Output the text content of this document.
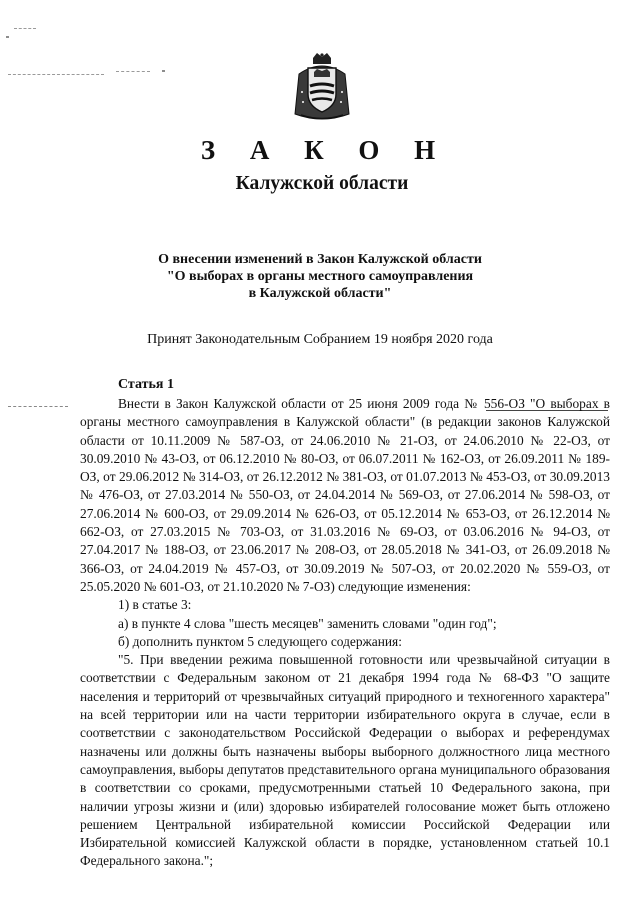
З А К О Н
Калужской области
О внесении изменений в Закон Калужской области
"О выборах в органы местного самоуправления
в Калужской области"
Принят Законодательным Собранием 19 ноября 2020 года
Статья 1

Внести в Закон Калужской области от 25 июня 2009 года № 556-ОЗ "О выборах в органы местного самоуправления в Калужской области" (в редакции законов Калужской области от 10.11.2009 № 587-ОЗ, от 24.06.2010 № 21-ОЗ, от 24.06.2010 № 22-ОЗ, от 30.09.2010 № 43-ОЗ, от 06.12.2010 № 80-ОЗ, от 06.07.2011 № 162-ОЗ, от 26.09.2011 № 189-ОЗ, от 29.06.2012 № 314-ОЗ, от 26.12.2012 № 381-ОЗ, от 01.07.2013 № 453-ОЗ, от 30.09.2013 № 476-ОЗ, от 27.03.2014 № 550-ОЗ, от 24.04.2014 № 569-ОЗ, от 27.06.2014 № 598-ОЗ, от 27.06.2014 № 600-ОЗ, от 29.09.2014 № 626-ОЗ, от 05.12.2014 № 653-ОЗ, от 26.12.2014 № 662-ОЗ, от 27.03.2015 № 703-ОЗ, от 31.03.2016 № 69-ОЗ, от 03.06.2016 № 94-ОЗ, от 27.04.2017 № 188-ОЗ, от 23.06.2017 № 208-ОЗ, от 28.05.2018 № 341-ОЗ, от 26.09.2018 № 366-ОЗ, от 24.04.2019 № 457-ОЗ, от 30.09.2019 № 507-ОЗ, от 20.02.2020 № 559-ОЗ, от 25.05.2020 № 601-ОЗ, от 21.10.2020 № 7-ОЗ) следующие изменения:

1) в статье 3:

а) в пункте 4 слова "шесть месяцев" заменить словами "один год";

б) дополнить пунктом 5 следующего содержания:

"5. При введении режима повышенной готовности или чрезвычайной ситуации в соответствии с Федеральным законом от 21 декабря 1994 года № 68-ФЗ "О защите населения и территорий от чрезвычайных ситуаций природного и техногенного характера" на всей территории или на части территории избирательного округа в случае, если в соответствии с законодательством Российской Федерации о выборах и референдумах назначены или должны быть назначены выборы выборного должностного лица местного самоуправления, выборы депутатов представительного органа муниципального образования в соответствии со сроками, предусмотренными статьей 10 Федерального закона, при наличии угрозы жизни и (или) здоровью избирателей голосование может быть отложено решением Центральной избирательной комиссии Российской Федерации или Избирательной комиссией Калужской области в порядке, установленном статьей 10.1 Федерального закона.";
